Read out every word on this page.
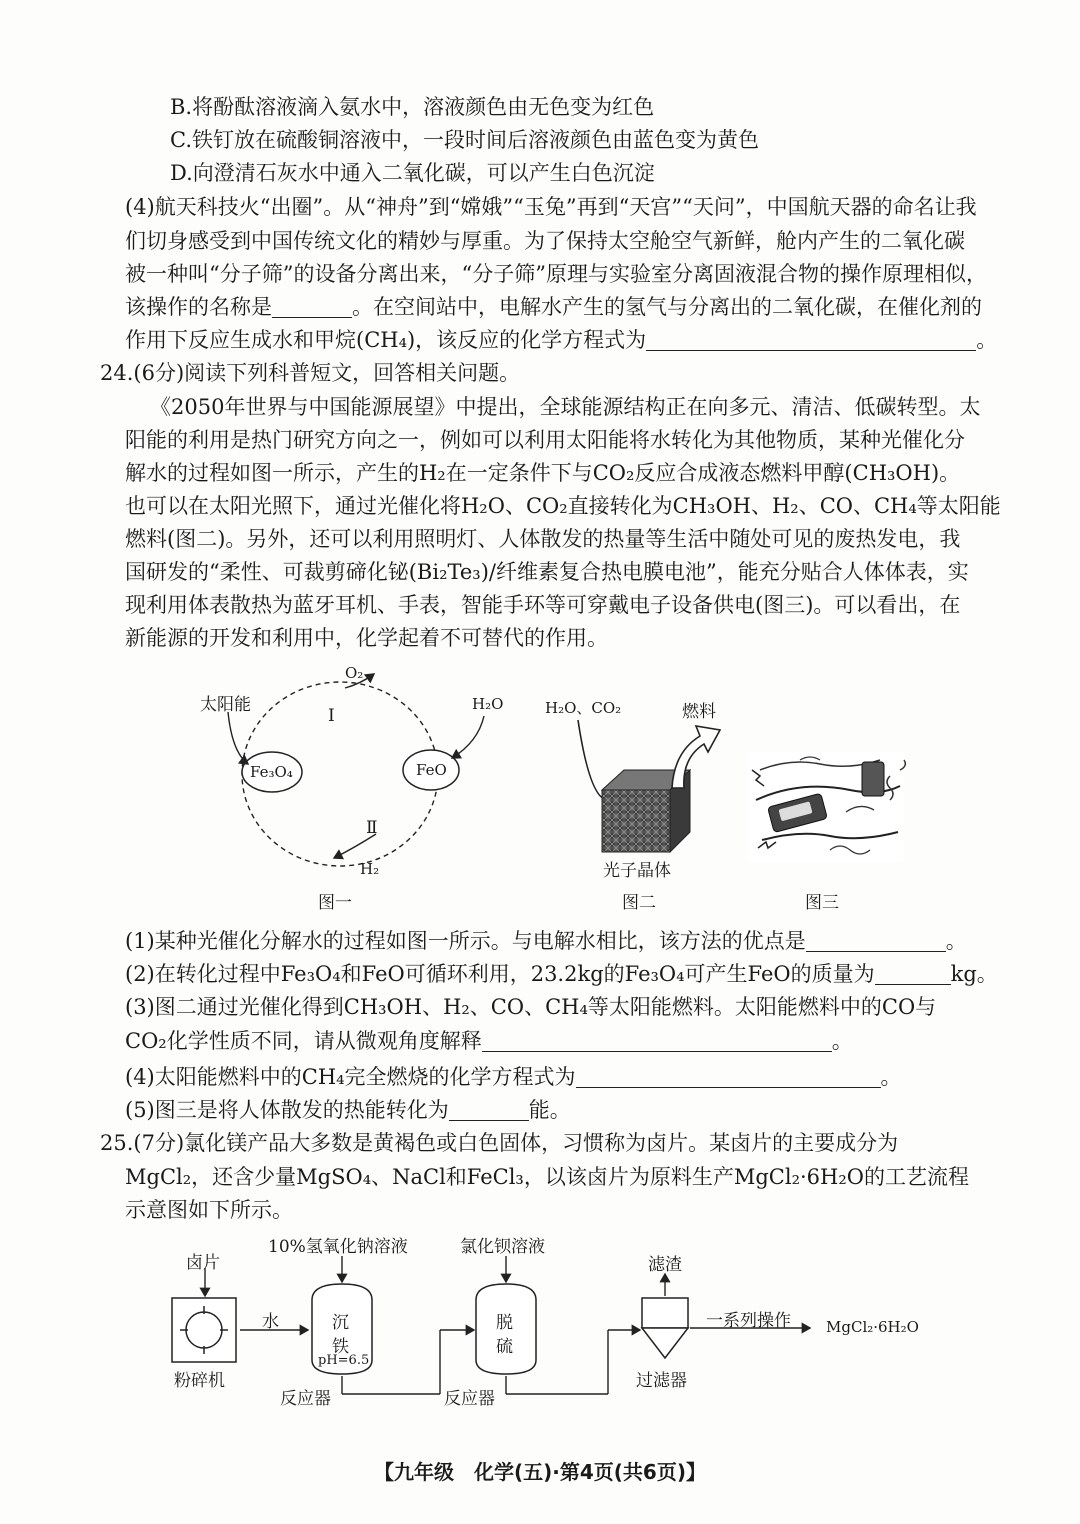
B.将酚酞溶液滴入氨水中，溶液颜色由无色变为红色
C.铁钉放在硫酸铜溶液中，一段时间后溶液颜色由蓝色变为黄色
D.向澄清石灰水中通入二氧化碳，可以产生白色沉淀
(4)航天科技火“出圈”。从“神舟”到“嫦娥”“玉兔”再到“天宫”“天问”，中国航天器的命名让我
们切身感受到中国传统文化的精妙与厚重。为了保持太空舱空气新鲜，舱内产生的二氧化碳
被一种叫“分子筛”的设备分离出来，“分子筛”原理与实验室分离固液混合物的操作原理相似，
该操作的名称是	。在空间站中，电解水产生的氢气与分离出的二氧化碳，在催化剂的
作用下反应生成水和甲烷(CH₄)，该反应的化学方程式为	。
24.(6分)阅读下列科普短文，回答相关问题。
《2050年世界与中国能源展望》中提出，全球能源结构正在向多元、清洁、低碳转型。太
阳能的利用是热门研究方向之一，例如可以利用太阳能将水转化为其他物质，某种光催化分
解水的过程如图一所示，产生的H₂在一定条件下与CO₂反应合成液态燃料甲醇(CH₃OH)。
也可以在太阳光照下，通过光催化将H₂O、CO₂直接转化为CH₃OH、H₂、CO、CH₄等太阳能
燃料(图二)。另外，还可以利用照明灯、人体散发的热量等生活中随处可见的废热发电，我
国研发的“柔性、可裁剪碲化铋(Bi₂Te₃)/纤维素复合热电膜电池”，能充分贴合人体体表，实
现利用体表散热为蓝牙耳机、手表，智能手环等可穿戴电子设备供电(图三)。可以看出，在
新能源的开发和利用中，化学起着不可替代的作用。
太阳能
O₂
Ⅰ
H₂O
Fe₃O₄	FeO
Ⅱ
H₂
图一
H₂O、CO₂	燃料
光子晶体
图二	图三
(1)某种光催化分解水的过程如图一所示。与电解水相比，该方法的优点是	。
(2)在转化过程中Fe₃O₄和FeO可循环利用，23.2kg的Fe₃O₄可产生FeO的质量为	kg。
(3)图二通过光催化得到CH₃OH、H₂、CO、CH₄等太阳能燃料。太阳能燃料中的CO与
CO₂化学性质不同，请从微观角度解释	。
(4)太阳能燃料中的CH₄完全燃烧的化学方程式为	。
(5)图三是将人体散发的热能转化为	能。
25.(7分)氯化镁产品大多数是黄褐色或白色固体，习惯称为卤片。某卤片的主要成分为
MgCl₂，还含少量MgSO₄、NaCl和FeCl₃，以该卤片为原料生产MgCl₂·6H₂O的工艺流程
示意图如下所示。
卤片
10%氢氧化钠溶液	氯化钡溶液
滤渣
水	沉
铁
pH=6.5
脱
硫
一系列操作 MgCl₂·6H₂O
粉碎机
反应器	反应器
过滤器
【九年级　化学(五)·第4页(共6页)】
